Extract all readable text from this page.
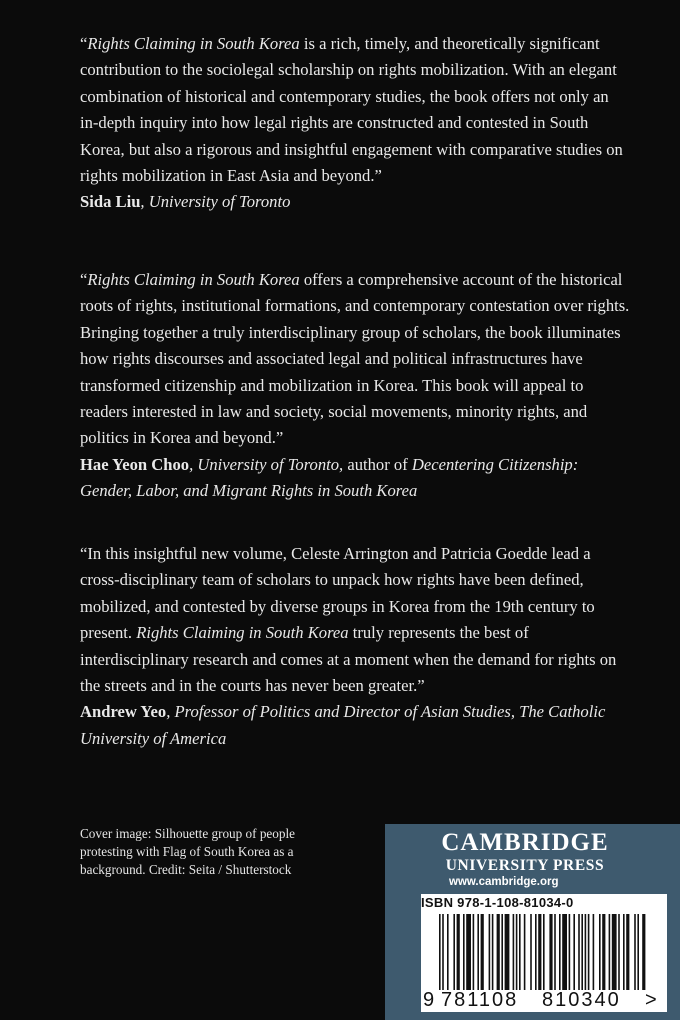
“Rights Claiming in South Korea is a rich, timely, and theoretically significant contribution to the sociolegal scholarship on rights mobilization. With an elegant combination of historical and contemporary studies, the book offers not only an in-depth inquiry into how legal rights are constructed and contested in South Korea, but also a rigorous and insightful engagement with comparative studies on rights mobilization in East Asia and beyond.”
Sida Liu, University of Toronto

“Rights Claiming in South Korea offers a comprehensive account of the historical roots of rights, institutional formations, and contemporary contestation over rights. Bringing together a truly interdisciplinary group of scholars, the book illuminates how rights discourses and associated legal and political infrastructures have transformed citizenship and mobilization in Korea. This book will appeal to readers interested in law and society, social movements, minority rights, and politics in Korea and beyond.”
Hae Yeon Choo, University of Toronto, author of Decentering Citizenship: Gender, Labor, and Migrant Rights in South Korea

“In this insightful new volume, Celeste Arrington and Patricia Goedde lead a cross-disciplinary team of scholars to unpack how rights have been defined, mobilized, and contested by diverse groups in Korea from the 19th century to present. Rights Claiming in South Korea truly represents the best of interdisciplinary research and comes at a moment when the demand for rights on the streets and in the courts has never been greater.”
Andrew Yeo, Professor of Politics and Director of Asian Studies, The Catholic University of America

Cover image: Silhouette group of people protesting with Flag of South Korea as a background. Credit: Seita / Shutterstock
CAMBRIDGE
UNIVERSITY PRESS
www.cambridge.org
ISBN 978-1-108-81034-0
9 781108 810340 >
